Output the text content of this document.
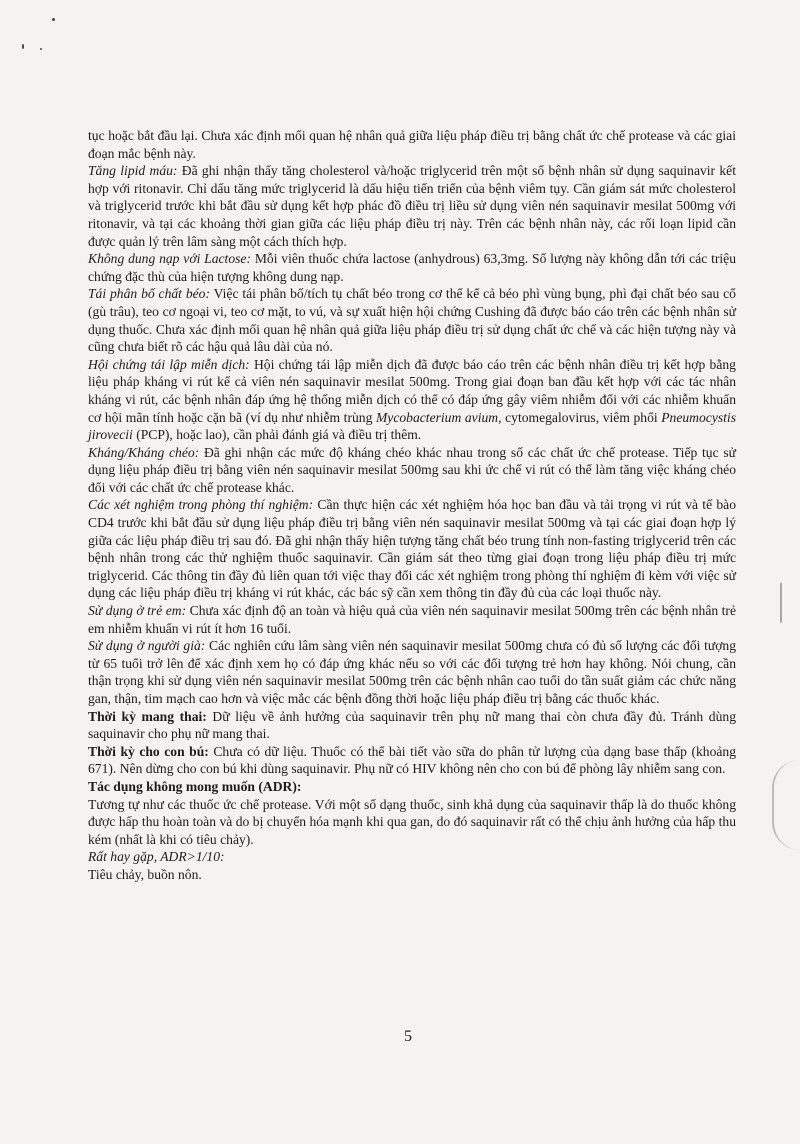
tục hoặc bắt đầu lại. Chưa xác định mối quan hệ nhân quả giữa liệu pháp điều trị bằng chất ức chế protease và các giai đoạn mắc bệnh này.

Tăng lipid máu: Đã ghi nhận thấy tăng cholesterol và/hoặc triglycerid trên một số bệnh nhân sử dụng saquinavir kết hợp với ritonavir. Chỉ dấu tăng mức triglycerid là dấu hiệu tiến triển của bệnh viêm tụy. Cần giám sát mức cholesterol và triglycerid trước khi bắt đầu sử dụng kết hợp phác đồ điều trị liều sử dụng viên nén saquinavir mesilat 500mg với ritonavir, và tại các khoảng thời gian giữa các liệu pháp điều trị này. Trên các bệnh nhân này, các rối loạn lipid cần được quản lý trên lâm sàng một cách thích hợp.

Không dung nạp với Lactose: Mỗi viên thuốc chứa lactose (anhydrous) 63,3mg. Số lượng này không dẫn tới các triệu chứng đặc thù của hiện tượng không dung nạp.

Tái phân bố chất béo: Việc tái phân bố/tích tụ chất béo trong cơ thể kể cả béo phì vùng bụng, phì đại chất béo sau cổ (gù trâu), teo cơ ngoại vi, teo cơ mặt, to vú, và sự xuất hiện hội chứng Cushing đã được báo cáo trên các bệnh nhân sử dụng thuốc. Chưa xác định mối quan hệ nhân quả giữa liệu pháp điều trị sử dụng chất ức chế và các hiện tượng này và cũng chưa biết rõ các hậu quả lâu dài của nó.

Hội chứng tái lập miễn dịch: Hội chứng tái lập miễn dịch đã được báo cáo trên các bệnh nhân điều trị kết hợp bằng liệu pháp kháng vi rút kể cả viên nén saquinavir mesilat 500mg. Trong giai đoạn ban đầu kết hợp với các tác nhân kháng vi rút, các bệnh nhân đáp ứng hệ thống miễn dịch có thể có đáp ứng gây viêm nhiễm đối với các nhiễm khuẩn cơ hội mãn tính hoặc cặn bã (ví dụ như nhiễm trùng Mycobacterium avium, cytomegalovirus, viêm phổi Pneumocystis jirovecii (PCP), hoặc lao), cần phải đánh giá và điều trị thêm.

Kháng/Kháng chéo: Đã ghi nhận các mức độ kháng chéo khác nhau trong số các chất ức chế protease. Tiếp tục sử dụng liệu pháp điều trị bằng viên nén saquinavir mesilat 500mg sau khi ức chế vi rút có thể làm tăng việc kháng chéo đối với các chất ức chế protease khác.

Các xét nghiệm trong phòng thí nghiệm: Cần thực hiện các xét nghiệm hóa học ban đầu và tải trọng vi rút và tế bào CD4 trước khi bắt đầu sử dụng liệu pháp điều trị bằng viên nén saquinavir mesilat 500mg và tại các giai đoạn hợp lý giữa các liệu pháp điều trị sau đó. Đã ghi nhận thấy hiện tượng tăng chất béo trung tính non-fasting triglycerid trên các bệnh nhân trong các thử nghiệm thuốc saquinavir. Cần giám sát theo từng giai đoạn trong liệu pháp điều trị mức triglycerid. Các thông tin đầy đủ liên quan tới việc thay đổi các xét nghiệm trong phòng thí nghiệm đi kèm với việc sử dụng các liệu pháp điều trị kháng vi rút khác, các bác sỹ cần xem thông tin đầy đủ của các loại thuốc này.

Sử dụng ở trẻ em: Chưa xác định độ an toàn và hiệu quả của viên nén saquinavir mesilat 500mg trên các bệnh nhân trẻ em nhiễm khuẩn vi rút ít hơn 16 tuổi.

Sử dụng ở người già: Các nghiên cứu lâm sàng viên nén saquinavir mesilat 500mg chưa có đủ số lượng các đối tượng từ 65 tuổi trở lên để xác định xem họ có đáp ứng khác nếu so với các đối tượng trẻ hơn hay không. Nói chung, cần thận trọng khi sử dụng viên nén saquinavir mesilat 500mg trên các bệnh nhân cao tuổi do tần suất giảm các chức năng gan, thận, tim mạch cao hơn và việc mắc các bệnh đồng thời hoặc liệu pháp điều trị bằng các thuốc khác.

Thời kỳ mang thai: Dữ liệu về ảnh hưởng của saquinavir trên phụ nữ mang thai còn chưa đầy đủ. Tránh dùng saquinavir cho phụ nữ mang thai.

Thời kỳ cho con bú: Chưa có dữ liệu. Thuốc có thể bài tiết vào sữa do phân tử lượng của dạng base thấp (khoảng 671). Nên dừng cho con bú khi dùng saquinavir. Phụ nữ có HIV không nên cho con bú để phòng lây nhiễm sang con.

Tác dụng không mong muốn (ADR):

Tương tự như các thuốc ức chế protease. Với một số dạng thuốc, sinh khả dụng của saquinavir thấp là do thuốc không được hấp thu hoàn toàn và do bị chuyển hóa mạnh khi qua gan, do đó saquinavir rất có thể chịu ảnh hưởng của hấp thu kém (nhất là khi có tiêu chảy).

Rất hay gặp, ADR>1/10:

Tiêu chảy, buồn nôn.

5
